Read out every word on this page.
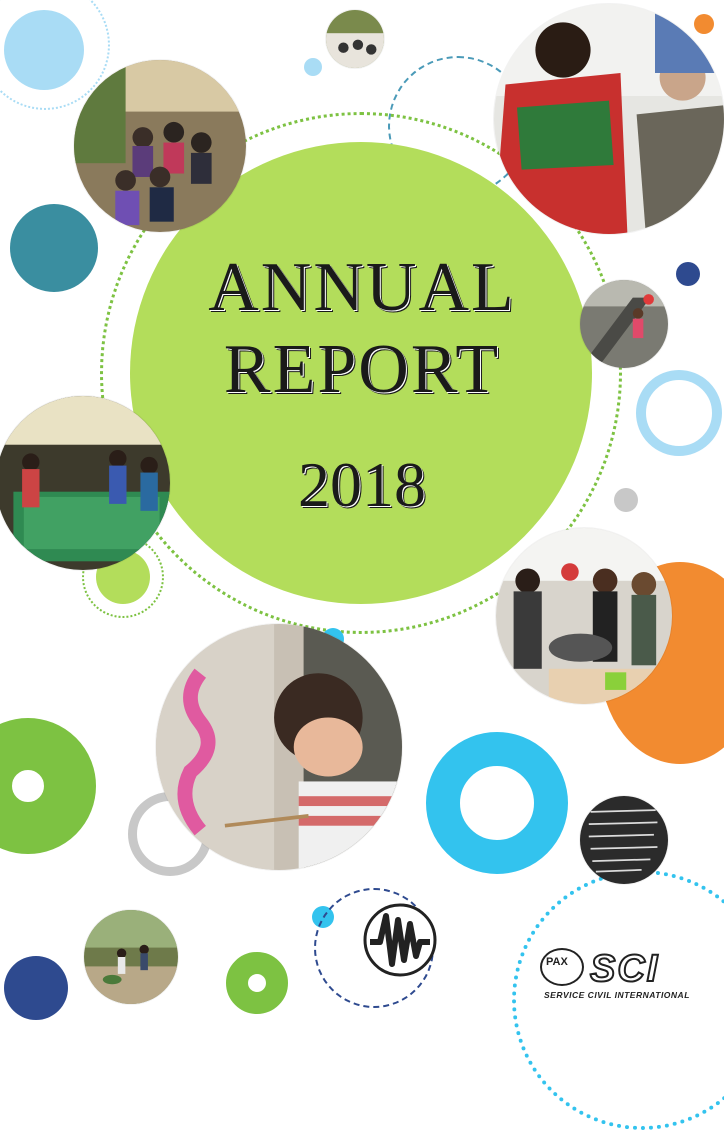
ANNUAL
REPORT
2018
PAX SCI
SERVICE CIVIL INTERNATIONAL
